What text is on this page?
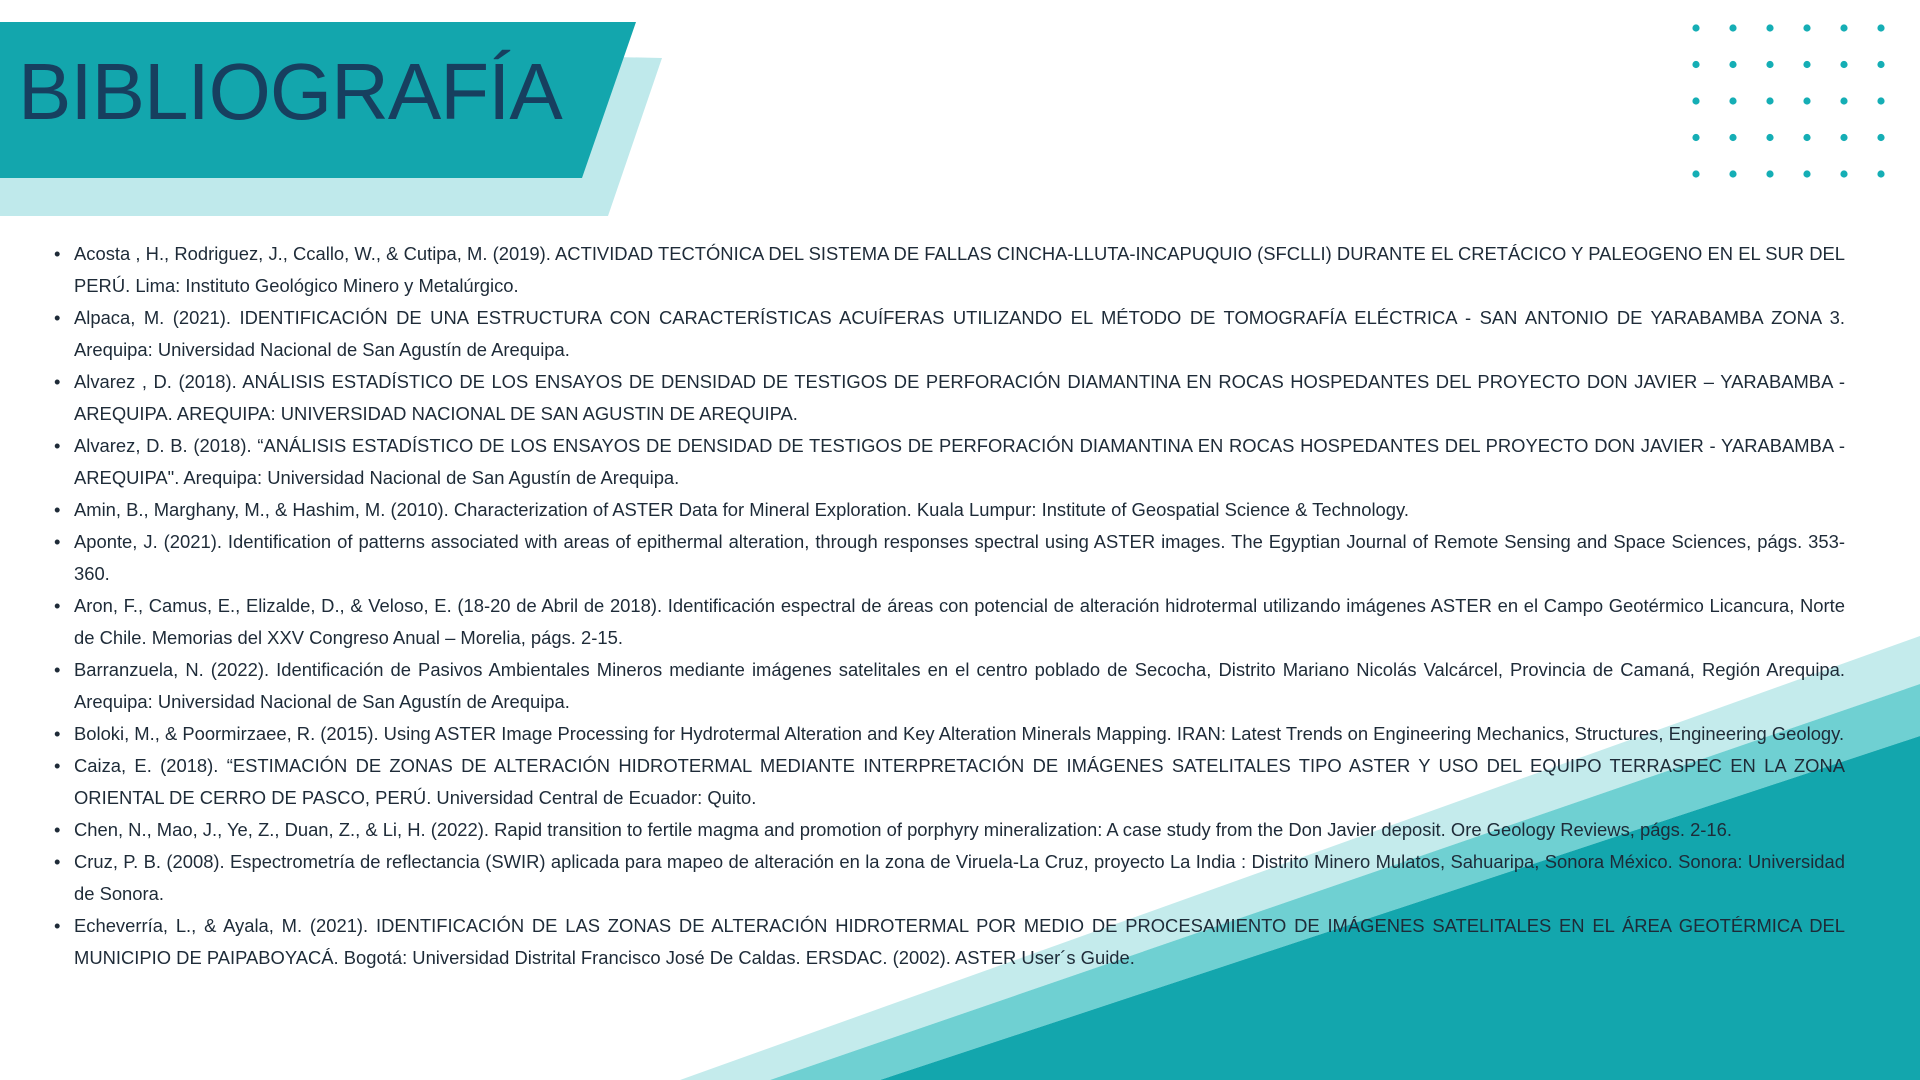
BIBLIOGRAFÍA
• Acosta , H., Rodriguez, J., Ccallo, W., & Cutipa, M. (2019). ACTIVIDAD TECTÓNICA DEL SISTEMA DE FALLAS CINCHA-LLUTA-INCAPUQUIO (SFCLLI) DURANTE EL CRETÁCICO Y PALEOGENO EN EL SUR DEL PERÚ. Lima: Instituto Geológico Minero y Metalúrgico.
• Alpaca, M. (2021). IDENTIFICACIÓN DE UNA ESTRUCTURA CON CARACTERÍSTICAS ACUÍFERAS UTILIZANDO EL MÉTODO DE TOMOGRAFÍA ELÉCTRICA - SAN ANTONIO DE YARABAMBA ZONA 3. Arequipa: Universidad Nacional de San Agustín de Arequipa.
• Alvarez , D. (2018). ANÁLISIS ESTADÍSTICO DE LOS ENSAYOS DE DENSIDAD DE TESTIGOS DE PERFORACIÓN DIAMANTINA EN ROCAS HOSPEDANTES DEL PROYECTO DON JAVIER – YARABAMBA - AREQUIPA. AREQUIPA: UNIVERSIDAD NACIONAL DE SAN AGUSTIN DE AREQUIPA.
• Alvarez, D. B. (2018). “ANÁLISIS ESTADÍSTICO DE LOS ENSAYOS DE DENSIDAD DE TESTIGOS DE PERFORACIÓN DIAMANTINA EN ROCAS HOSPEDANTES DEL PROYECTO DON JAVIER - YARABAMBA - AREQUIPA". Arequipa: Universidad Nacional de San Agustín de Arequipa.
• Amin, B., Marghany, M., & Hashim, M. (2010). Characterization of ASTER Data for Mineral Exploration. Kuala Lumpur: Institute of Geospatial Science & Technology.
• Aponte, J. (2021). Identification of patterns associated with areas of epithermal alteration, through responses spectral using ASTER images. The Egyptian Journal of Remote Sensing and Space Sciences, págs. 353-360.
• Aron, F., Camus, E., Elizalde, D., & Veloso, E. (18-20 de Abril de 2018). Identificación espectral de áreas con potencial de alteración hidrotermal utilizando imágenes ASTER en el Campo Geotérmico Licancura, Norte de Chile. Memorias del XXV Congreso Anual – Morelia, págs. 2-15.
• Barranzuela, N. (2022). Identificación de Pasivos Ambientales Mineros mediante imágenes satelitales en el centro poblado de Secocha, Distrito Mariano Nicolás Valcárcel, Provincia de Camaná, Región Arequipa. Arequipa: Universidad Nacional de San Agustín de Arequipa.
• Boloki, M., & Poormirzaee, R. (2015). Using ASTER Image Processing for Hydrotermal Alteration and Key Alteration Minerals Mapping. IRAN: Latest Trends on Engineering Mechanics, Structures, Engineering Geology.
• Caiza, E. (2018). “ESTIMACIÓN DE ZONAS DE ALTERACIÓN HIDROTERMAL MEDIANTE INTERPRETACIÓN DE IMÁGENES SATELITALES TIPO ASTER Y USO DEL EQUIPO TERRASPEC EN LA ZONA ORIENTAL DE CERRO DE PASCO, PERÚ. Universidad Central de Ecuador: Quito.
• Chen, N., Mao, J., Ye, Z., Duan, Z., & Li, H. (2022). Rapid transition to fertile magma and promotion of porphyry mineralization: A case study from the Don Javier deposit. Ore Geology Reviews, págs. 2-16.
• Cruz, P. B. (2008). Espectrometría de reflectancia (SWIR) aplicada para mapeo de alteración en la zona de Viruela-La Cruz, proyecto La India : Distrito Minero Mulatos, Sahuaripa, Sonora México. Sonora: Universidad de Sonora.
• Echeverría, L., & Ayala, M. (2021). IDENTIFICACIÓN DE LAS ZONAS DE ALTERACIÓN HIDROTERMAL POR MEDIO DE PROCESAMIENTO DE IMÁGENES SATELITALES EN EL ÁREA GEOTÉRMICA DEL MUNICIPIO DE PAIPABOYACÁ. Bogotá: Universidad Distrital Francisco José De Caldas. ERSDAC. (2002). ASTER User´s Guide.
